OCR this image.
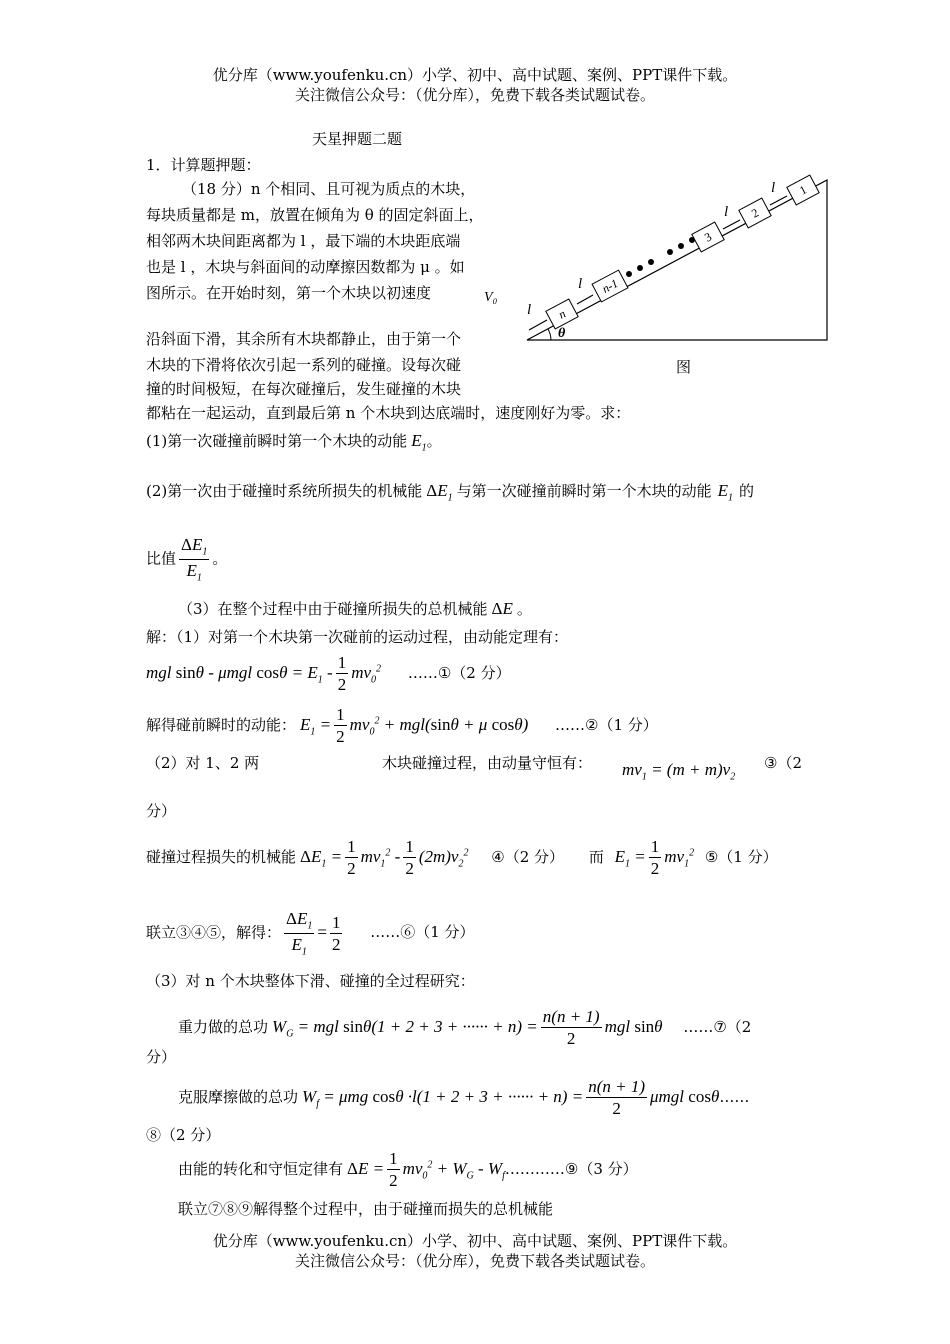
优分库（www.youfenku.cn）小学、初中、高中试题、案例、PPT课件下载。
关注微信公众号：（优分库），免费下载各类试题试卷。
天星押题二题
1．计算题押题：
（18 分）n 个相同、且可视为质点的木块，
每块质量都是 m，放置在倾角为 θ 的固定斜面上，
相邻两木块间距离都为 l ，最下端的木块距底端
也是 l ，木块与斜面间的动摩擦因数都为 μ 。如
图所示。在开始时刻，第一个木块以初速度	V₀
沿斜面下滑，其余所有木块都静止，由于第一个
木块的下滑将依次引起一系列的碰撞。设每次碰
撞的时间极短，在每次碰撞后，发生碰撞的木块
都粘在一起运动，直到最后第 n 个木块到达底端时，速度刚好为零。求：
θ
n
n-1
3
2
1
l
l
l
l
图
(1)第一次碰撞前瞬时第一个木块的动能 $E_1$。
(2)第一次由于碰撞时系统所损失的机械能 $\Delta E_1$ 与第一次碰撞前瞬时第一个木块的动能 $E_1$ 的
比值 $\frac{\Delta E_1}{E_1}$ 。
（3）在整个过程中由于碰撞所损失的总机械能 ΔE 。
解：（1）对第一个木块第一次碰前的运动过程，由动能定理有：
mgl sinθ - μmgl $\cos\theta = E_1 - \frac{1}{2} mv_0^2$ ……①（2 分）
解得碰前瞬时的动能： $E_1 = \frac{1}{2} mv_0^2 + mgl(\sin\theta + \mu$ cosθ) ……②（1 分）
（2）对 1、2 两	木块碰撞过程，由动量守恒有： $mv_1 = (m + m)v_2$
③（2
分）
碰撞过程损失的机械能 $\Delta E_1 = \frac{1}{2} mv_1^2 - \frac{1}{2} (2m)v_2^2$ ④（2 分） 而 $E_1 = \frac{1}{2} mv_1^2$ ⑤（1 分）
联立③④⑤，解得： $\frac{\Delta E_1}{E_1} = \frac{1}{2}$ ……⑥（1 分）
（3）对 n 个木块整体下滑、碰撞的全过程研究：
重力做的总功 $W_G$ = mgl sinθ(1 + 2 + 3 + ······ + $n) = \frac{n(n + 1)}{2}$ mgl sinθ ……⑦（2
分）
克服摩擦做的总功 $W_f = \mu mg$ cosθ ·l(1 + 2 + 3 + ······ + $n) = \frac{n(n + 1)}{2}$ μmgl cosθ……
⑧（2 分）
由能的转化和守恒定律有 $\Delta E = \frac{1}{2} mv_0^2 + W_G$ - $W_f\dots\dots\dots\dots ⑨(3$ 分）
联立⑦⑧⑨解得整个过程中，由于碰撞而损失的总机械能
优分库（www.youfenku.cn）小学、初中、高中试题、案例、PPT课件下载。
关注微信公众号：（优分库），免费下载各类试题试卷。
